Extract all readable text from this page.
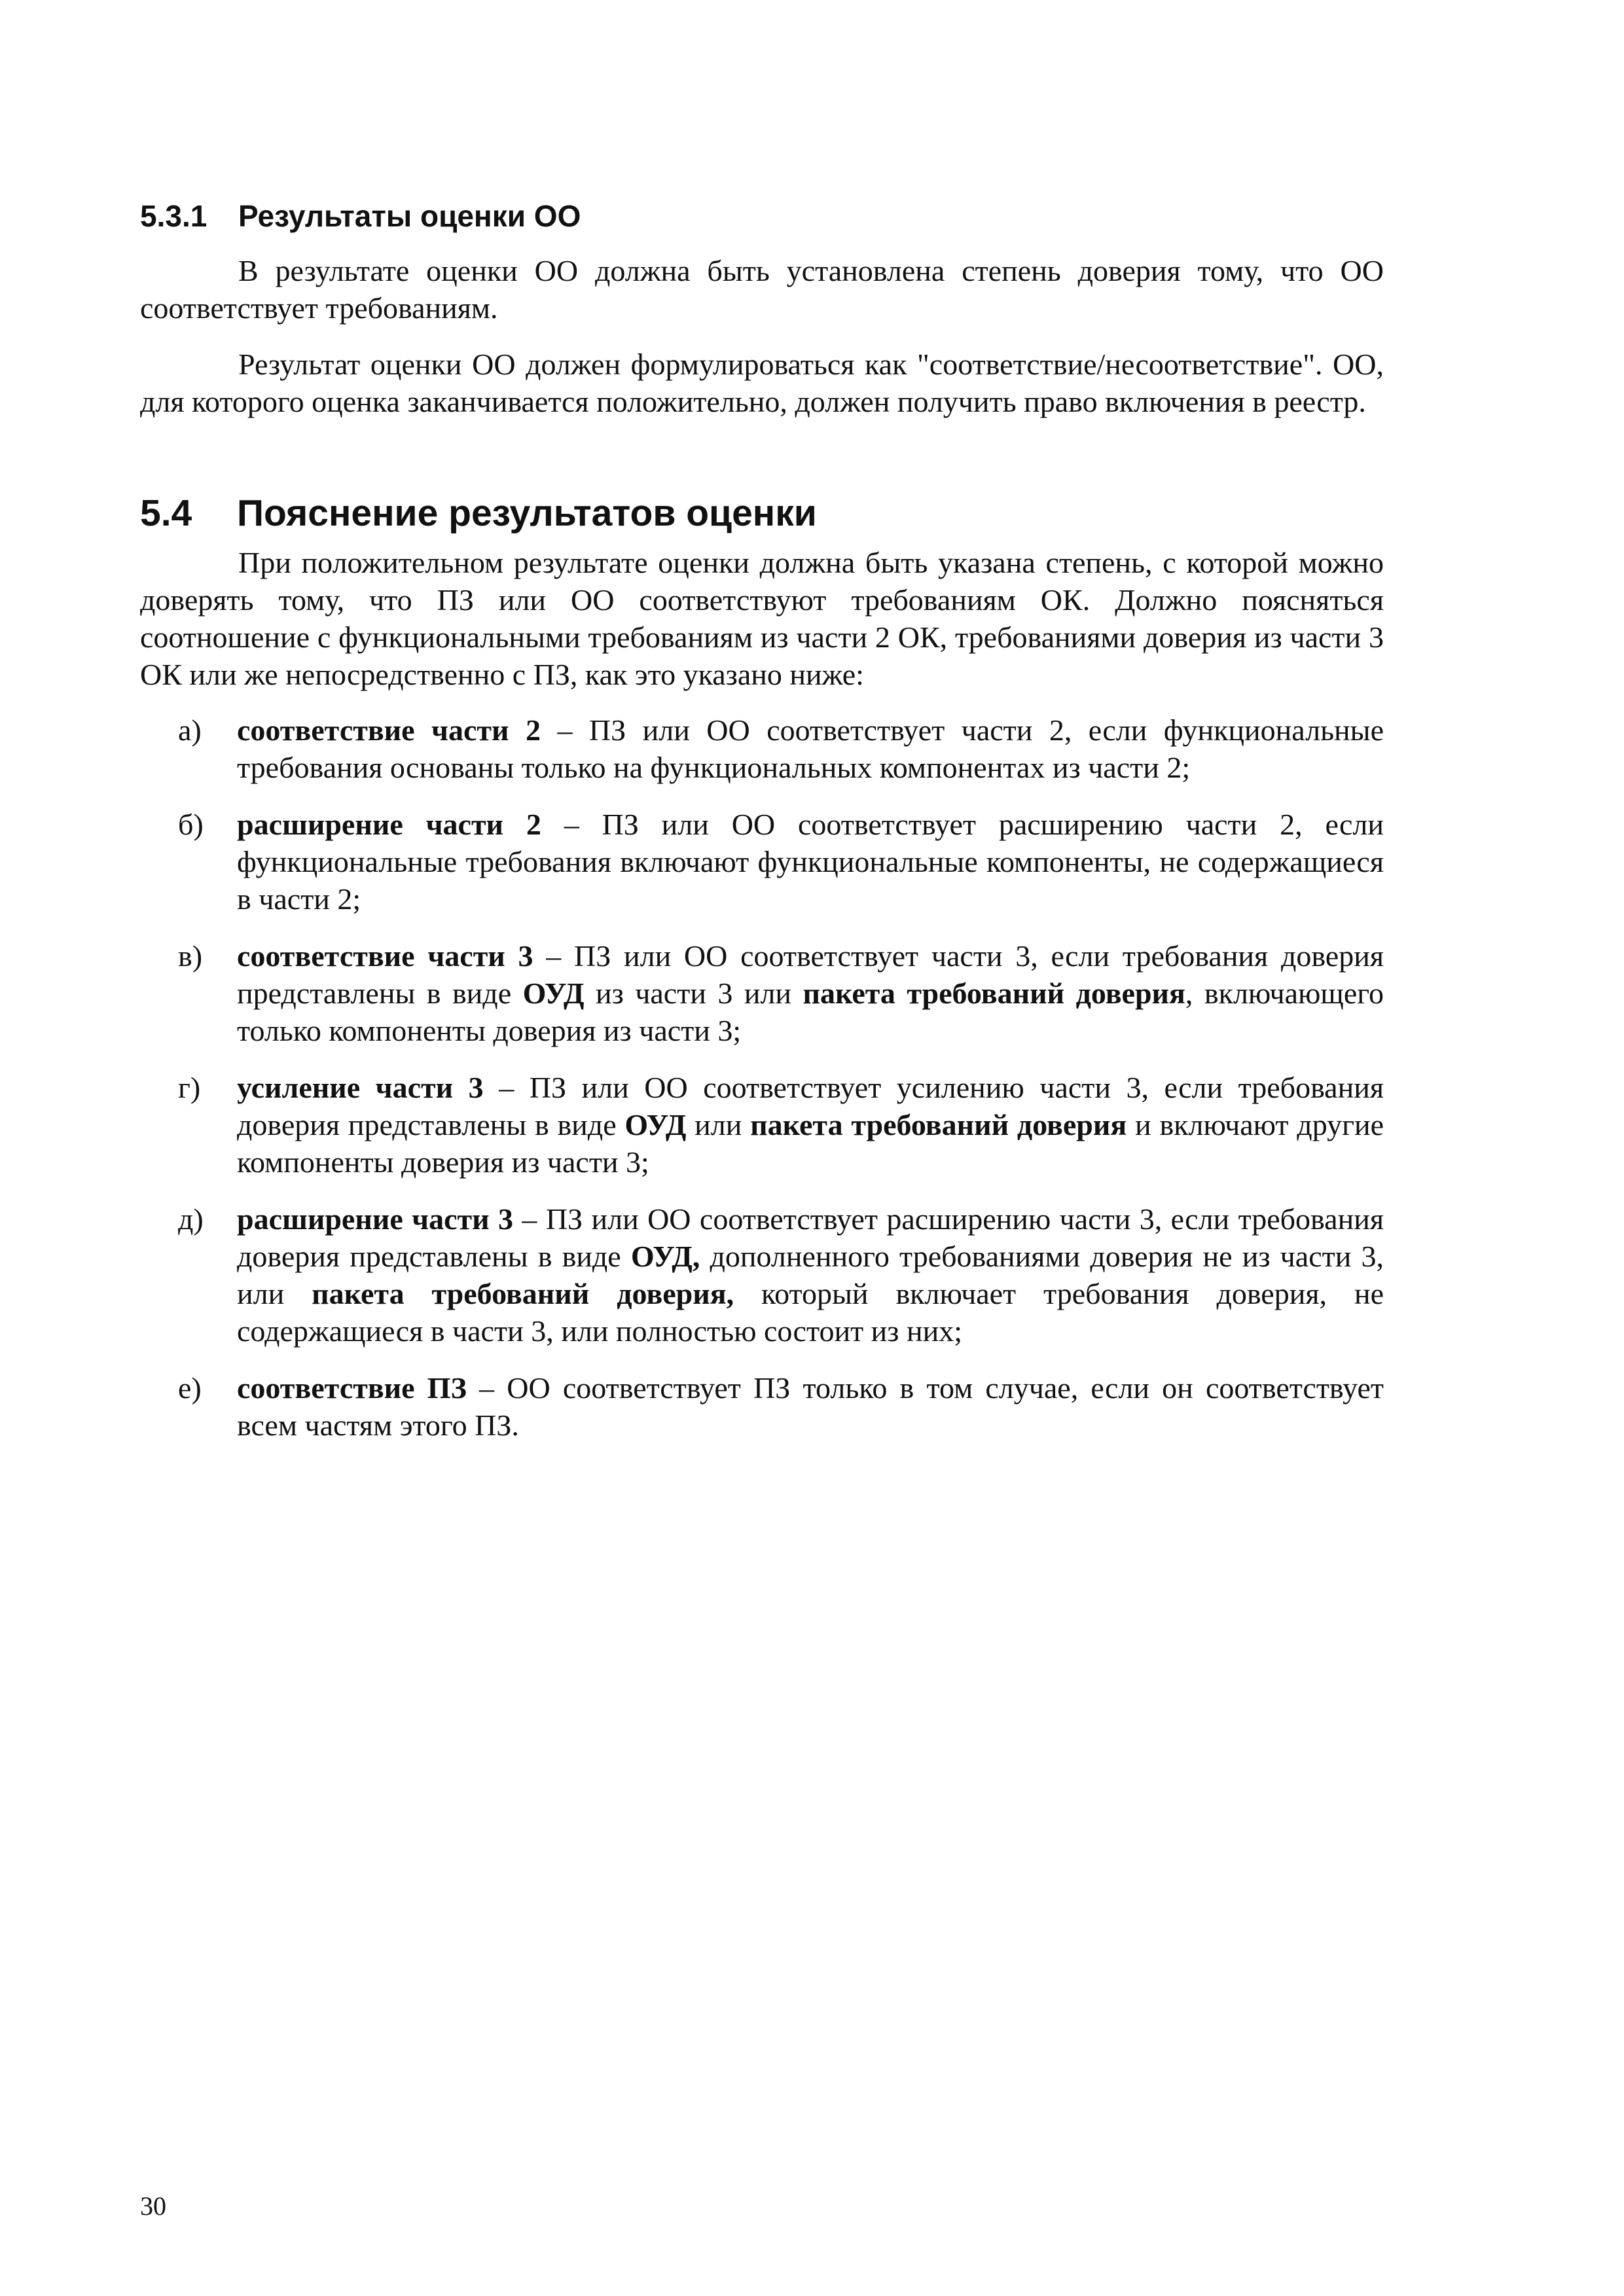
5.3.1 Результаты оценки ОО

В результате оценки ОО должна быть установлена степень доверия тому, что ОО соответствует требованиям.

Результат оценки ОО должен формулироваться как "соответствие/несоответствие". ОО, для которого оценка заканчивается положительно, должен получить право включения в реестр.

5.4 Пояснение результатов оценки

При положительном результате оценки должна быть указана степень, с которой можно доверять тому, что ПЗ или ОО соответствуют требованиям ОК. Должно поясняться соотношение с функциональными требованиям из части 2 ОК, требованиями доверия из части 3 ОК или же непосредственно с ПЗ, как это указано ниже:

а) соответствие части 2 – ПЗ или ОО соответствует части 2, если функциональные требования основаны только на функциональных компонентах из части 2;
б) расширение части 2 – ПЗ или ОО соответствует расширению части 2, если функциональные требования включают функциональные компоненты, не содержащиеся в части 2;
в) соответствие части 3 – ПЗ или ОО соответствует части 3, если требования доверия представлены в виде ОУД из части 3 или пакета требований доверия, включающего только компоненты доверия из части 3;
г) усиление части 3 – ПЗ или ОО соответствует усилению части 3, если требования доверия представлены в виде ОУД или пакета требований доверия и включают другие компоненты доверия из части 3;
д) расширение части 3 – ПЗ или ОО соответствует расширению части 3, если требования доверия представлены в виде ОУД, дополненного требованиями доверия не из части 3, или пакета требований доверия, который включает требования доверия, не содержащиеся в части 3, или полностью состоит из них;
е) соответствие ПЗ – ОО соответствует ПЗ только в том случае, если он соответствует всем частям этого ПЗ.
30
